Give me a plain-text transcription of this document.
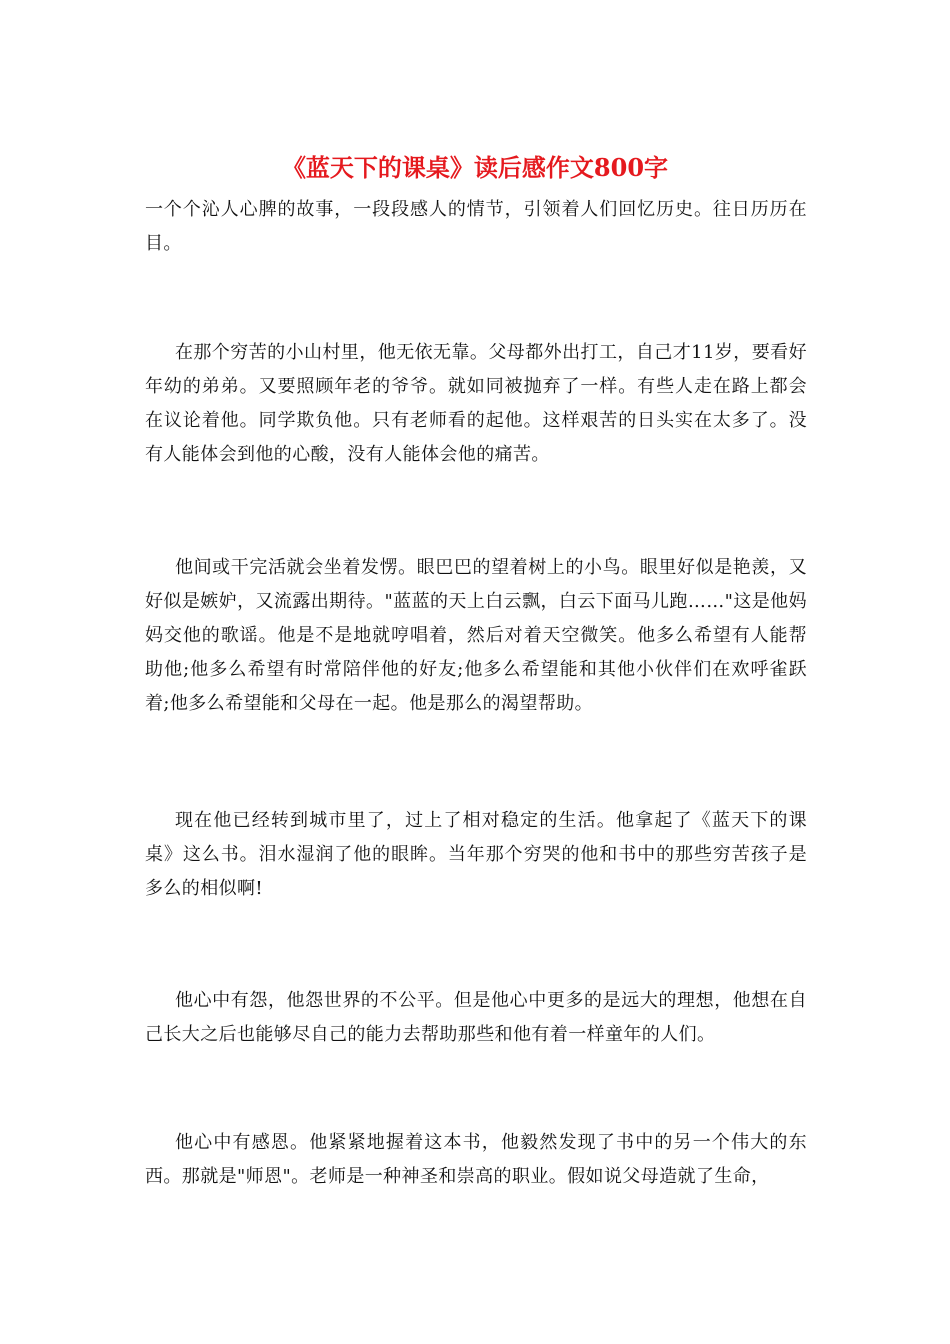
《蓝天下的课桌》读后感作文800字

一个个沁人心脾的故事，一段段感人的情节，引领着人们回忆历史。往日历历在目。

在那个穷苦的小山村里，他无依无靠。父母都外出打工，自己才11岁，要看好年幼的弟弟。又要照顾年老的爷爷。就如同被抛弃了一样。有些人走在路上都会在议论着他。同学欺负他。只有老师看的起他。这样艰苦的日头实在太多了。没有人能体会到他的心酸，没有人能体会他的痛苦。

他间或干完活就会坐着发愣。眼巴巴的望着树上的小鸟。眼里好似是艳羡，又好似是嫉妒，又流露出期待。"蓝蓝的天上白云飘，白云下面马儿跑……"这是他妈妈交他的歌谣。他是不是地就哼唱着，然后对着天空微笑。他多么希望有人能帮助他;他多么希望有时常陪伴他的好友;他多么希望能和其他小伙伴们在欢呼雀跃着;他多么希望能和父母在一起。他是那么的渴望帮助。

现在他已经转到城市里了，过上了相对稳定的生活。他拿起了《蓝天下的课桌》这么书。泪水湿润了他的眼眸。当年那个穷哭的他和书中的那些穷苦孩子是多么的相似啊!

他心中有怨，他怨世界的不公平。但是他心中更多的是远大的理想，他想在自己长大之后也能够尽自己的能力去帮助那些和他有着一样童年的人们。

他心中有感恩。他紧紧地握着这本书，他毅然发现了书中的另一个伟大的东西。那就是"师恩"。老师是一种神圣和崇高的职业。假如说父母造就了生命，
